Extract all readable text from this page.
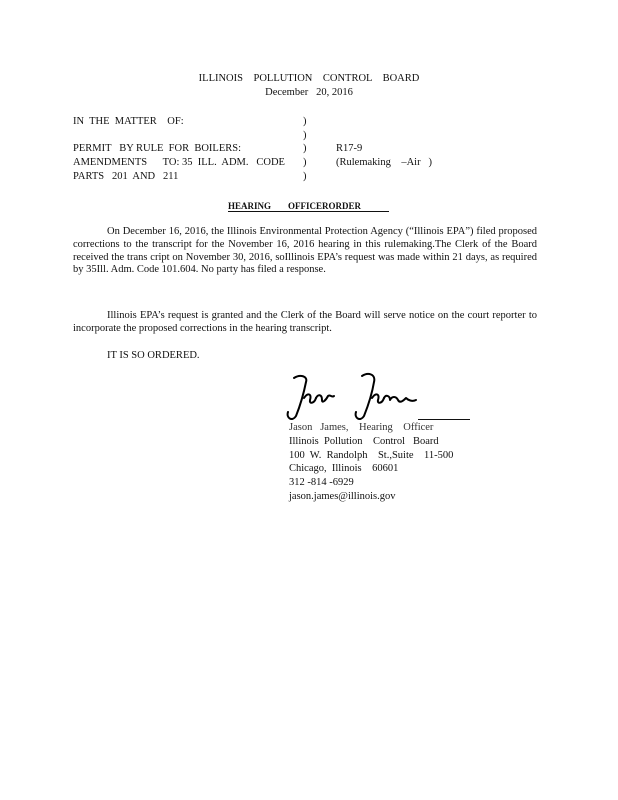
ILLINOIS    POLLUTION    CONTROL    BOARD
December   20, 2016
IN  THE  MATTER    OF:
PERMIT   BY RULE  FOR  BOILERS:
AMENDMENTS      TO: 35  ILL.  ADM.   CODE
PARTS   201  AND   211
)
)
)
)
)
R17-9
(Rulemaking    –Air   )
HEARING OFFICERORDER
On December 16, 2016, the Illinois Environmental Protection Agency (“Illinois EPA”) filed proposed corrections to the transcript for the November 16, 2016 hearing in this rulemaking.The Clerk of the Board received the trans cript on November 30, 2016, soIllinois EPA’s request was made within 21 days, as required by 35Ill. Adm. Code 101.604. No party has filed a response.
Illinois EPA’s request is granted and the Clerk of the Board will serve notice on the court reporter to incorporate the proposed corrections in the hearing transcript.
IT IS SO ORDERED.
Jason   James,    Hearing    Officer
Illinois  Pollution    Control   Board
100  W.  Randolph    St.,Suite    11-500
Chicago,  Illinois    60601
312 -814 -6929
jason.james@illinois.gov
